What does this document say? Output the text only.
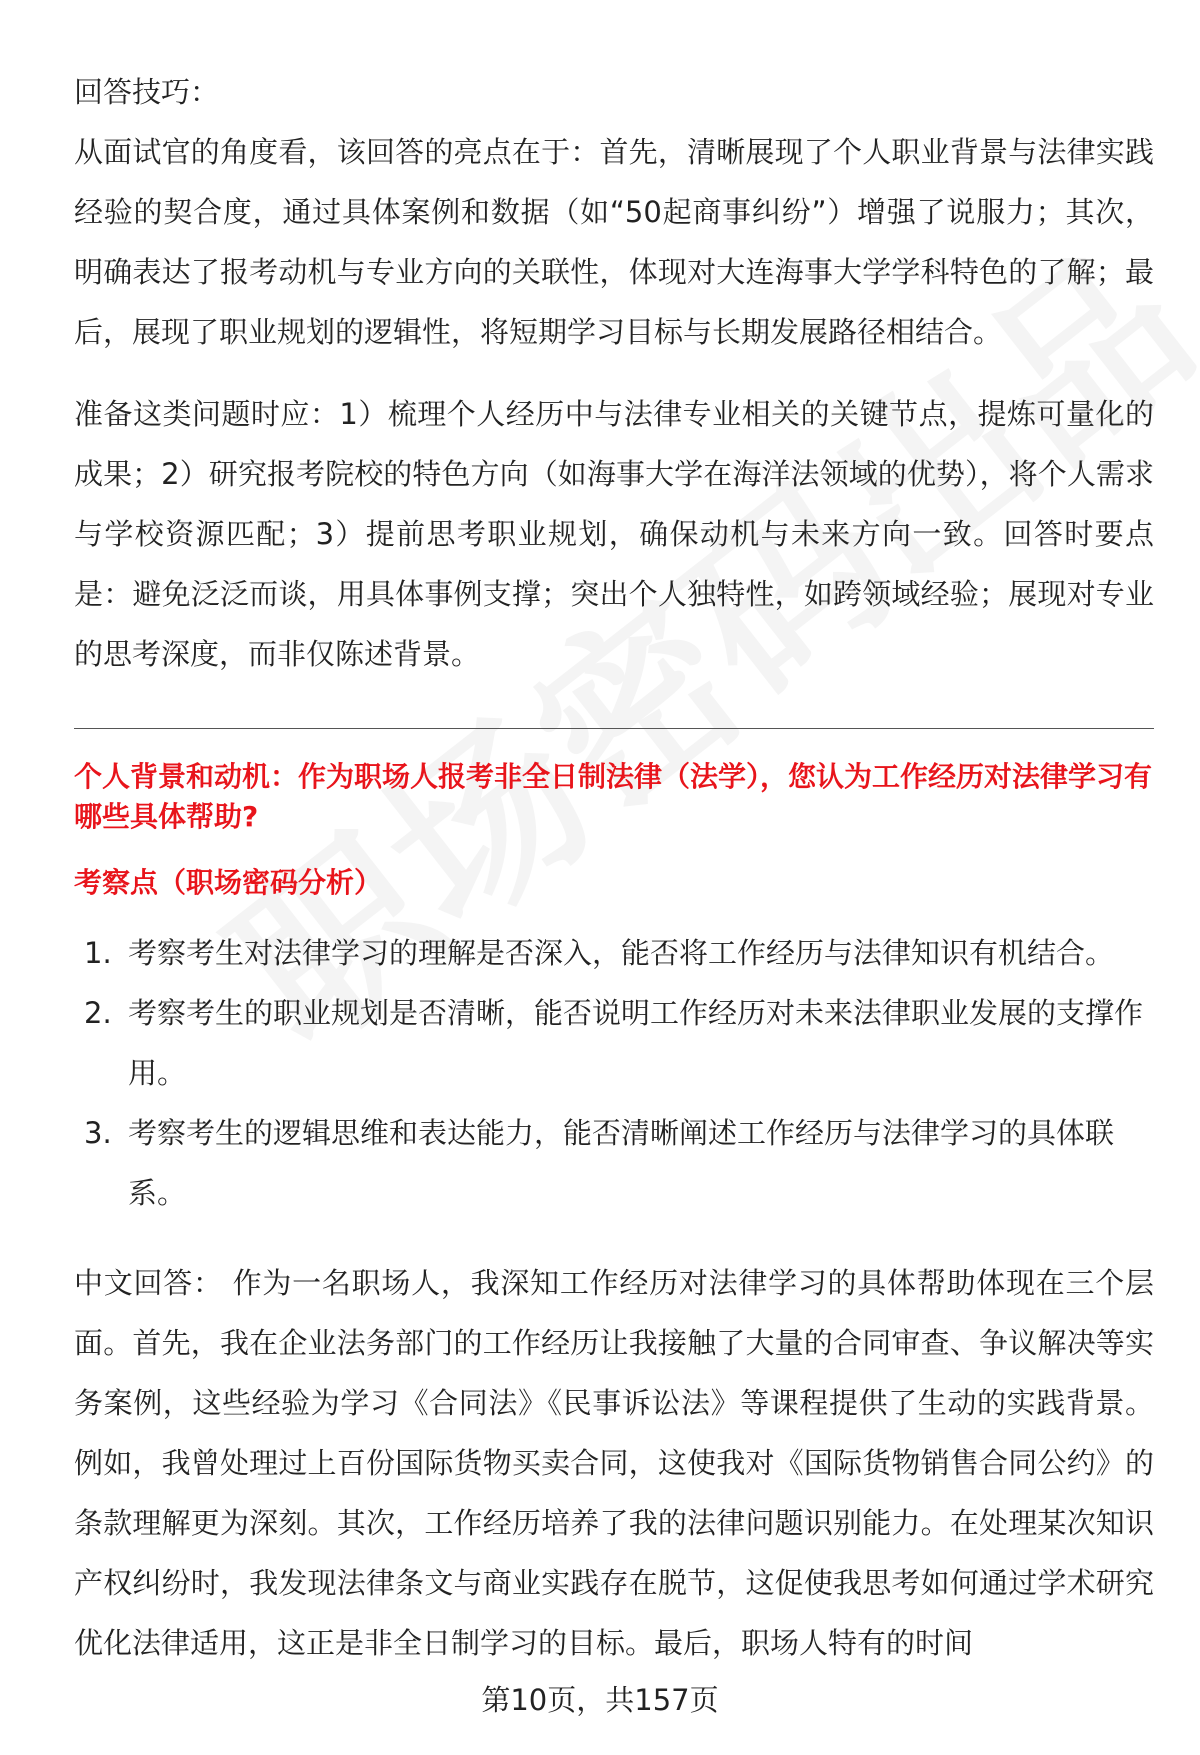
回答技巧：

从面试官的角度看，该回答的亮点在于：首先，清晰展现了个人职业背景与法律实践经验的契合度，通过具体案例和数据（如“50起商事纠纷”）增强了说服力；其次，明确表达了报考动机与专业方向的关联性，体现对大连海事大学学科特色的了解；最后，展现了职业规划的逻辑性，将短期学习目标与长期发展路径相结合。

准备这类问题时应：1）梳理个人经历中与法律专业相关的关键节点，提炼可量化的成果；2）研究报考院校的特色方向（如海事大学在海洋法领域的优势），将个人需求与学校资源匹配；3）提前思考职业规划，确保动机与未来方向一致。回答时要点是：避免泛泛而谈，用具体事例支撑；突出个人独特性，如跨领域经验；展现对专业的思考深度，而非仅陈述背景。

个人背景和动机：作为职场人报考非全日制法律（法学），您认为工作经历对法律学习有哪些具体帮助?

考察点（职场密码分析）

1. 考察考生对法律学习的理解是否深入，能否将工作经历与法律知识有机结合。
2. 考察考生的职业规划是否清晰，能否说明工作经历对未来法律职业发展的支撑作用。
3. 考察考生的逻辑思维和表达能力，能否清晰阐述工作经历与法律学习的具体联系。

中文回答： 作为一名职场人，我深知工作经历对法律学习的具体帮助体现在三个层面。首先，我在企业法务部门的工作经历让我接触了大量的合同审查、争议解决等实务案例，这些经验为学习《合同法》《民事诉讼法》等课程提供了生动的实践背景。例如，我曾处理过上百份国际货物买卖合同，这使我对《国际货物销售合同公约》的条款理解更为深刻。其次，工作经历培养了我的法律问题识别能力。在处理某次知识产权纠纷时，我发现法律条文与商业实践存在脱节，这促使我思考如何通过学术研究优化法律适用，这正是非全日制学习的目标。最后，职场人特有的时间

第10页，共157页
